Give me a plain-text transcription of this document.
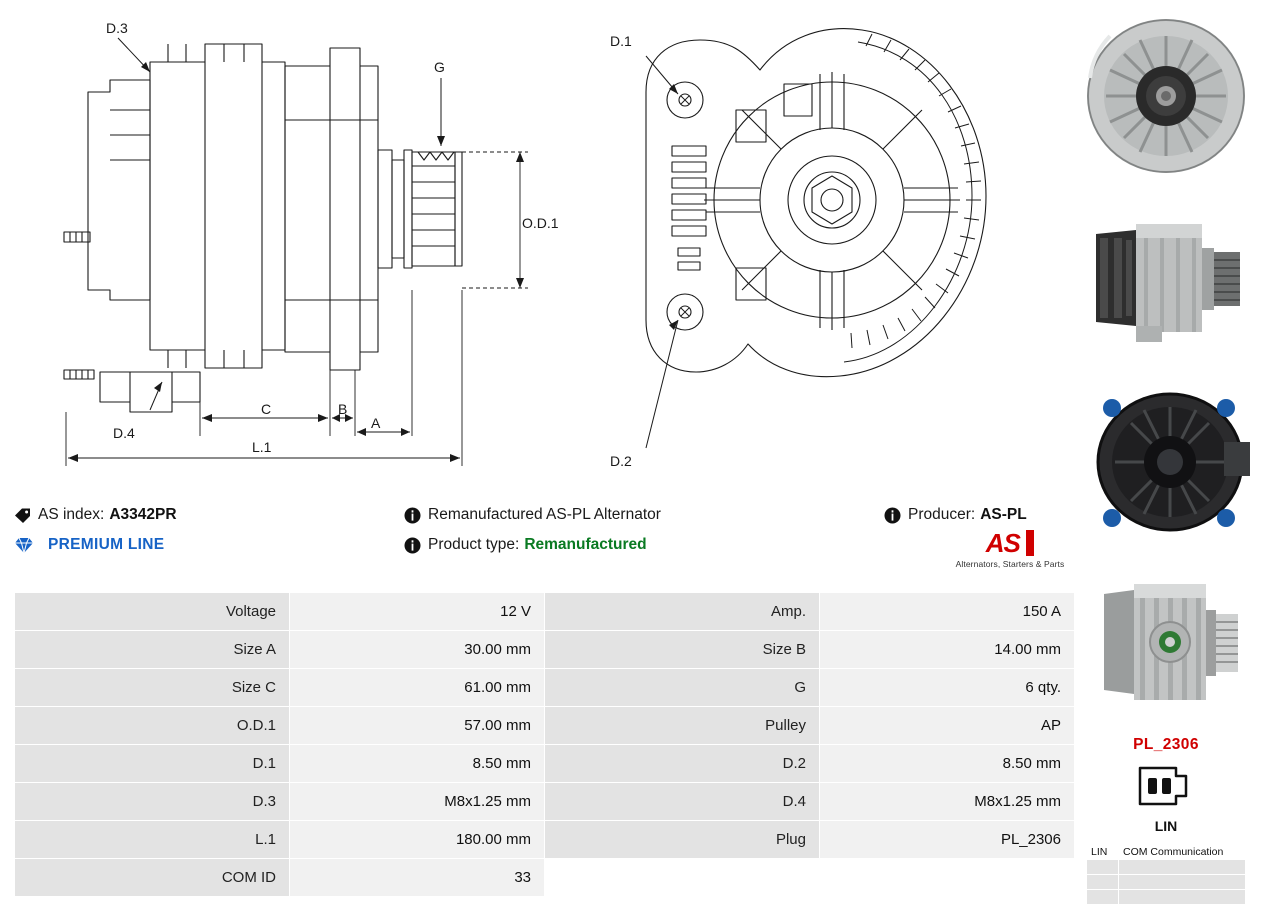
D.3
D.4
G
O.D.1
A
B
C
L.1
D.1
D.2
AS index: A3342PR	Remanufactured AS-PL Alternator	Producer: AS-PL
PREMIUM LINE	Product type: Remanufactured	AS
Alternators, Starters & Parts
Voltage	12 V	Amp.	150 A
Size A	30.00 mm	Size B	14.00 mm
Size C	61.00 mm	G	6 qty.
O.D.1	57.00 mm	Pulley	AP
D.1	8.50 mm	D.2	8.50 mm
D.3	M8x1.25 mm	D.4	M8x1.25 mm
L.1	180.00 mm	Plug	PL_2306
COM ID	33		
PL_2306
LIN
LIN	COM Communication
